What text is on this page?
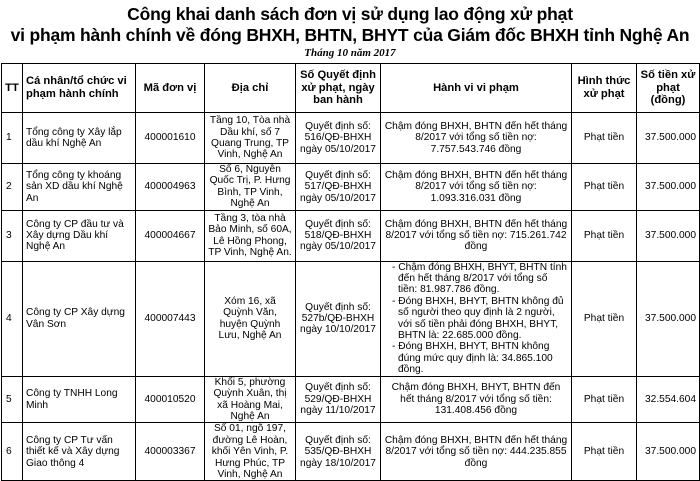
Công khai danh sách đơn vị sử dụng lao động xử phạt
vi phạm hành chính về đóng BHXH, BHTN, BHYT của Giám đốc BHXH tỉnh Nghệ An
Tháng 10 năm 2017
TT	Cá nhân/tổ chức vi phạm hành chính	Mã đơn vị	Địa chỉ	Số Quyết định xử phạt, ngày ban hành	Hành vi vi phạm	Hình thức xử phạt	Số tiền xử phạt (đồng)
1	Tổng công ty Xây lắp dầu khí Nghệ An	400001610	Tầng 10, Tòa nhà Dầu khí, số 7 Quang Trung, TP Vinh, Nghệ An	Quyết định số: 516/QĐ-BHXH ngày 05/10/2017	Chậm đóng BHXH, BHTN đến hết tháng 8/2017 với tổng số tiền nợ: 7.757.543.746 đồng	Phạt tiền	37.500.000
2	Tổng công ty khoáng sản XD dầu khí Nghệ An	400004963	Số 6, Nguyễn Quốc Trị, P. Hưng Bình, TP Vinh, Nghệ An	Quyết định số: 517/QĐ-BHXH ngày 05/10/2017	Chậm đóng BHXH, BHTN đến hết tháng 8/2017 với tổng số tiền nợ: 1.093.316.031 đồng	Phạt tiền	37.500.000
3	Công ty CP đầu tư và Xây dựng Dầu khí Nghệ An	400004667	Tầng 3, tòa nhà Bảo Minh, số 60A, Lê Hồng Phong, TP Vinh, Nghệ An.	Quyết định số: 518/QĐ-BHXH ngày 05/10/2017	Chậm đóng BHXH, BHTN đến hết tháng 8/2017 với tổng số tiền nợ: 715.261.742 đồng	Phạt tiền	37.500.000
4	Công ty CP Xây dựng Vân Sơn	400007443	Xóm 16, xã Quỳnh Văn, huyện Quỳnh Lưu, Nghệ An	Quyết định số: 527b/QĐ-BHXH ngày 10/10/2017	- Chậm đóng BHXH, BHYT, BHTN tính đến hết tháng 8/2017 với tổng số tiền: 81.987.786 đồng.
- Đóng BHXH, BHYT, BHTN không đủ số người theo quy định là 2 người, với số tiền phải đóng BHXH, BHYT, BHTN là: 22.685.000 đồng.
- Đóng BHXH, BHYT, BHTN không đúng mức quy định là: 34.865.100 đồng.	Phạt tiền	37.500.000
5	Công ty TNHH Long Minh	400010520	Khối 5, phường Quỳnh Xuân, thị xã Hoàng Mai, Nghệ An	Quyết định số: 529/QĐ-BHXH ngày 11/10/2017	Chậm đóng BHXH, BHYT, BHTN đến hết tháng 8/2017 với tổng số tiền: 131.408.456 đồng	Phạt tiền	32.554.604
6	Công ty CP Tư vấn thiết kế và Xây dựng Giao thông 4	400003367	Số 01, ngõ 197, đường Lê Hoàn, khối Yên Vinh, P. Hưng Phúc, TP Vinh, Nghệ An	Quyết định số: 535/QĐ-BHXH ngày 18/10/2017	Chậm đóng BHXH, BHTN đến hết tháng 8/2017 với tổng số tiền nợ: 444.235.855 đồng	Phạt tiền	37.500.000
